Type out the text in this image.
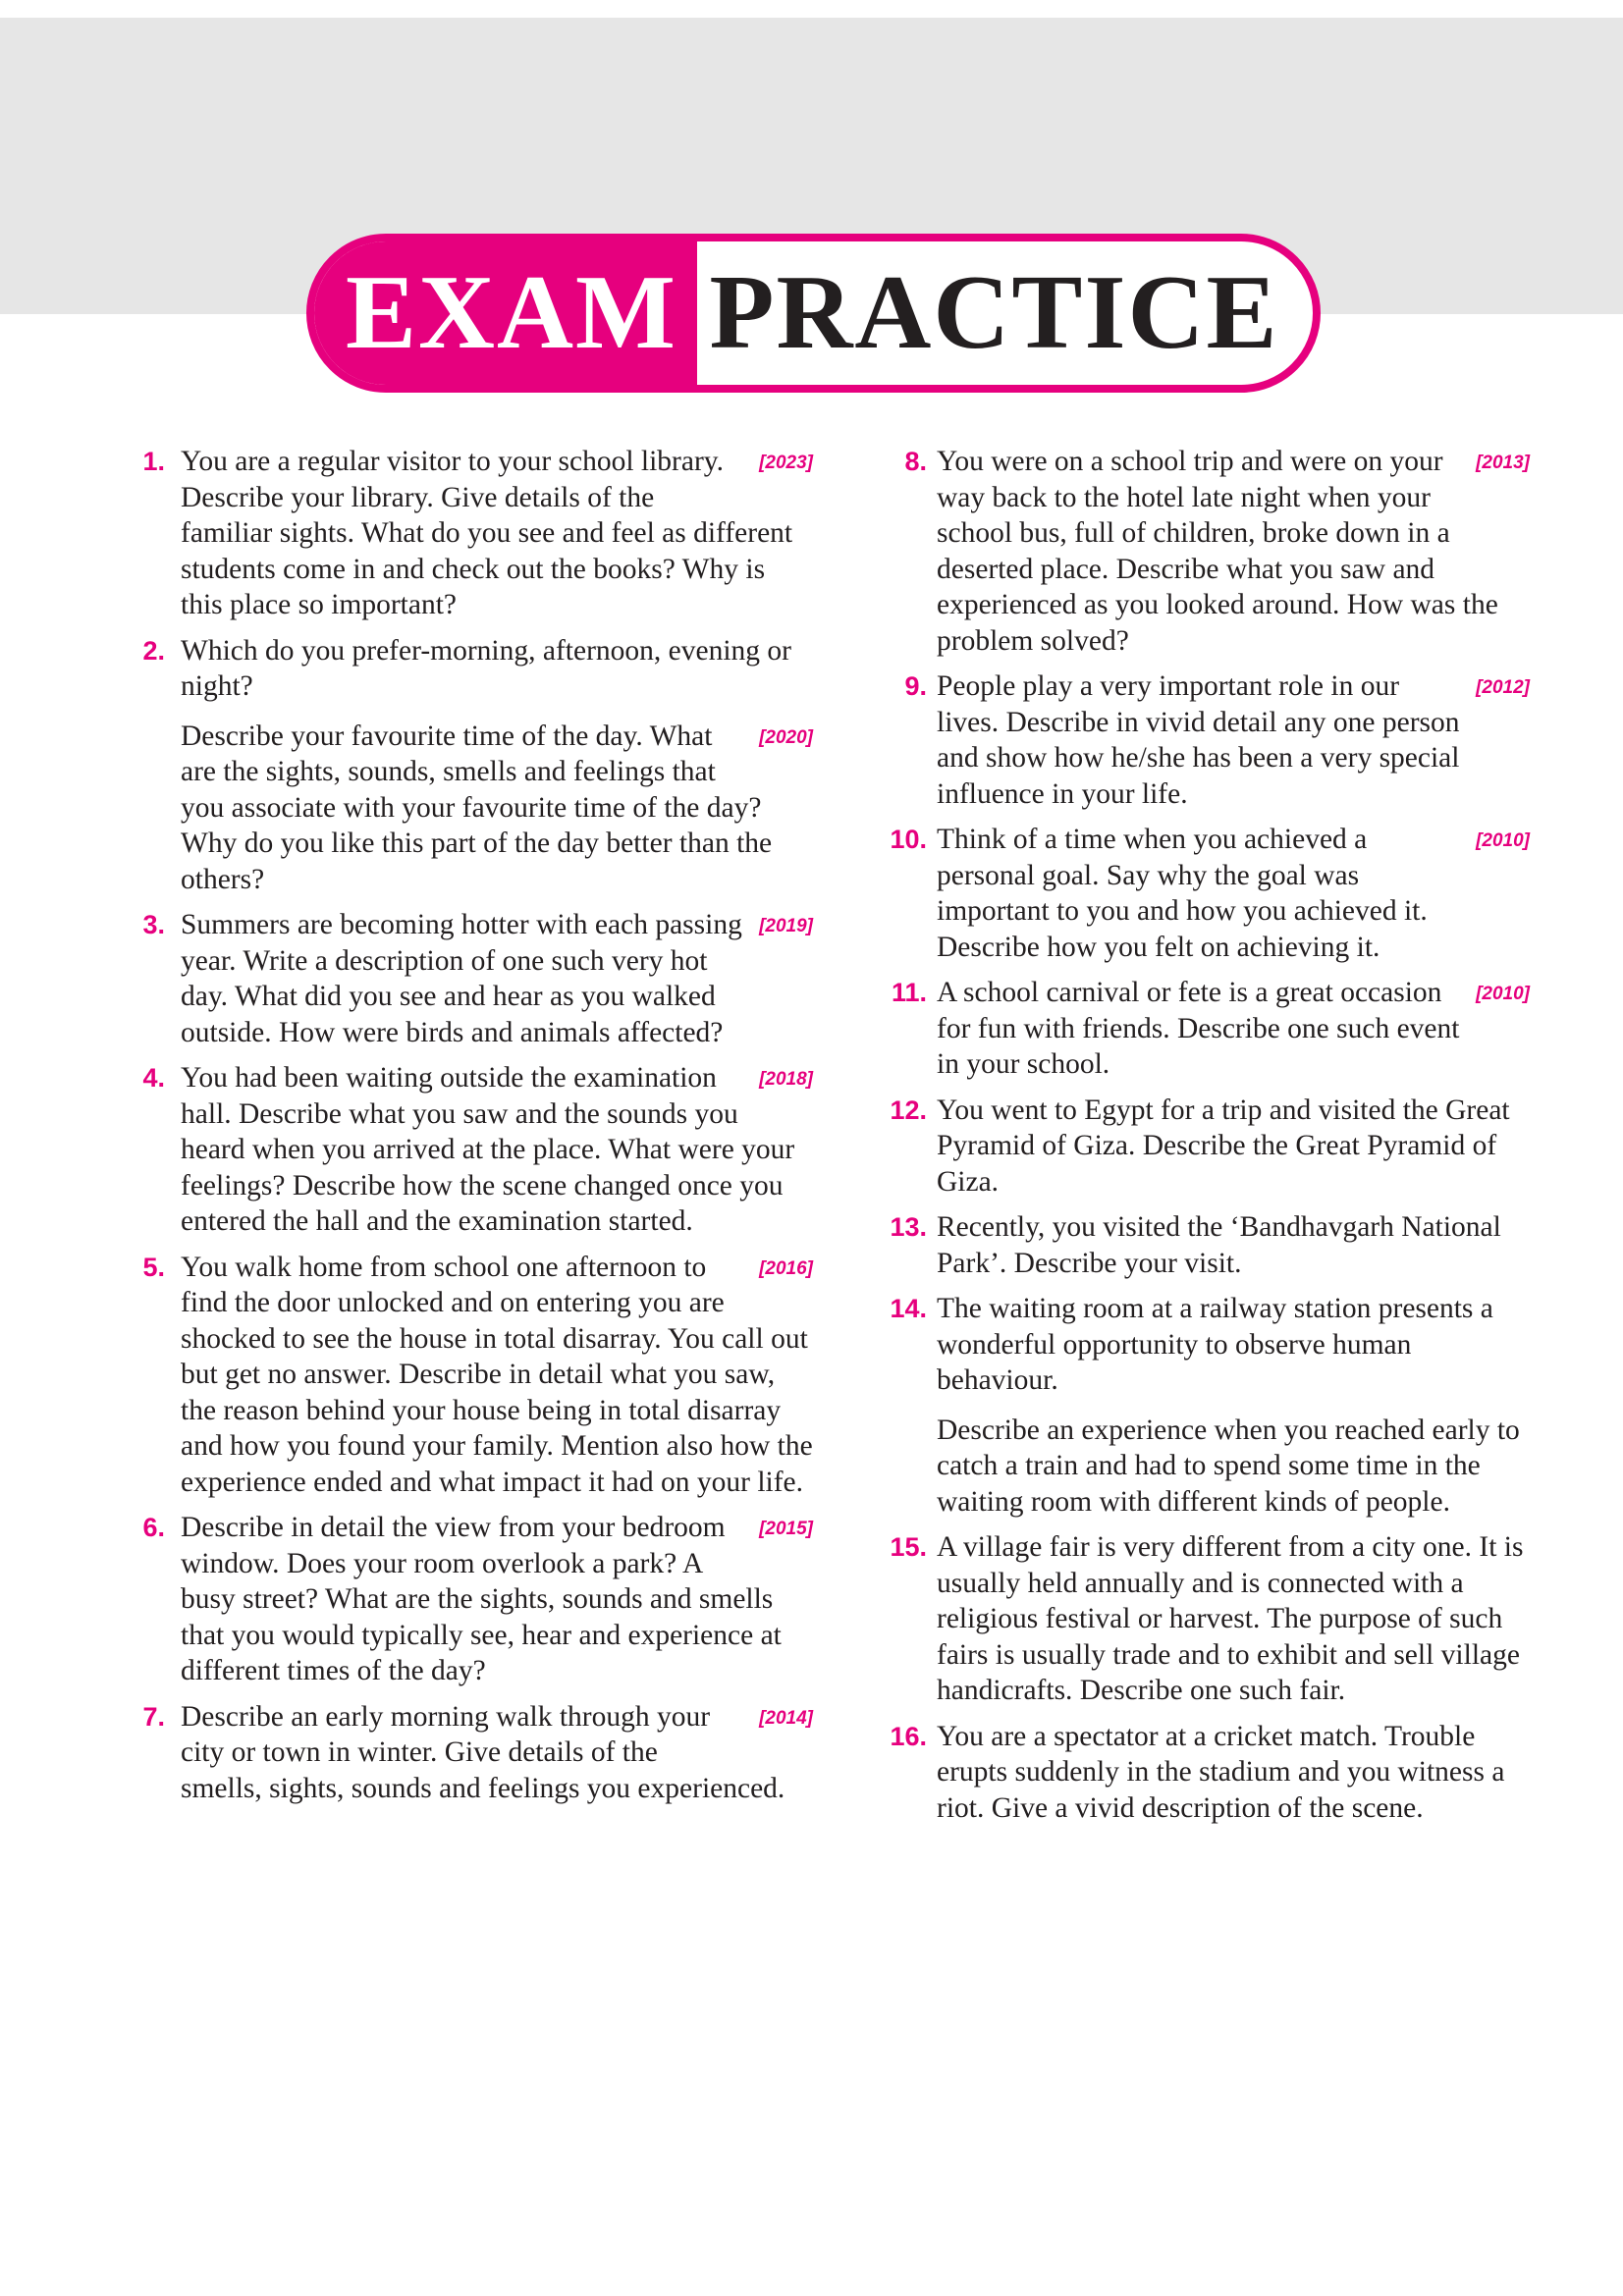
EXAM PRACTICE
1.	[2023]
You are a regular visitor to your school library. Describe your library. Give details of the familiar sights. What do you see and feel as different students come in and check out the books? Why is this place so important?

2. Which do you prefer-morning, afternoon, evening or night?

[2020]
Describe your favourite time of the day. What are the sights, sounds, smells and feelings that you associate with your favourite time of the day? Why do you like this part of the day better than the others?

3.	[2019]
Summers are becoming hotter with each passing year. Write a description of one such very hot day. What did you see and hear as you walked outside. How were birds and animals affected?

4.	[2018]
You had been waiting outside the examination hall. Describe what you saw and the sounds you heard when you arrived at the place. What were your feelings? Describe how the scene changed once you entered the hall and the examination started.

5.	[2016]
You walk home from school one afternoon to find the door unlocked and on entering you are shocked to see the house in total disarray. You call out but get no answer. Describe in detail what you saw, the reason behind your house being in total disarray and how you found your family. Mention also how the experience ended and what impact it had on your life.

6.	[2015]
Describe in detail the view from your bedroom window. Does your room overlook a park? A busy street? What are the sights, sounds and smells that you would typically see, hear and experience at different times of the day?

7.	[2014]
Describe an early morning walk through your city or town in winter. Give details of the smells, sights, sounds and feelings you experienced.

8.	[2013]
You were on a school trip and were on your way back to the hotel late night when your school bus, full of children, broke down in a deserted place. Describe what you saw and experienced as you looked around. How was the problem solved?

9.	[2012]
People play a very important role in our lives. Describe in vivid detail any one person and show how he/she has been a very special influence in your life.

10.	[2010]
Think of a time when you achieved a personal goal. Say why the goal was important to you and how you achieved it. Describe how you felt on achieving it.

11.	[2010]
A school carnival or fete is a great occasion for fun with friends. Describe one such event in your school.

12. You went to Egypt for a trip and visited the Great Pyramid of Giza. Describe the Great Pyramid of Giza.

13. Recently, you visited the ‘Bandhavgarh National Park’. Describe your visit.

14. The waiting room at a railway station presents a wonderful opportunity to observe human behaviour.

Describe an experience when you reached early to catch a train and had to spend some time in the waiting room with different kinds of people.

15. A village fair is very different from a city one. It is usually held annually and is connected with a religious festival or harvest. The purpose of such fairs is usually trade and to exhibit and sell village handicrafts. Describe one such fair.

16. You are a spectator at a cricket match. Trouble erupts suddenly in the stadium and you witness a riot. Give a vivid description of the scene.
